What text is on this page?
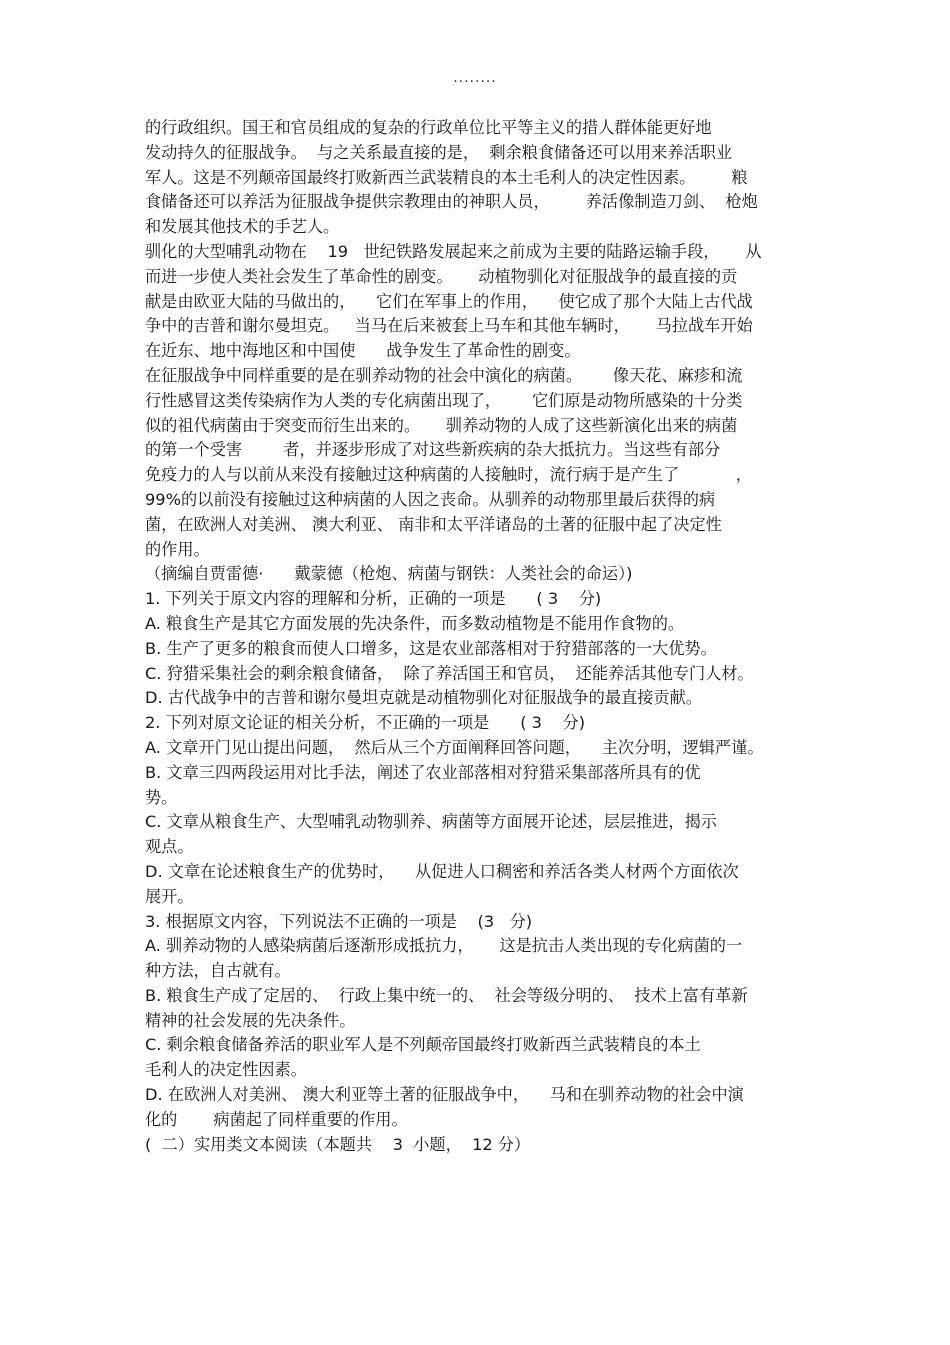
........
的行政组织。国王和官员组成的复杂的行政单位比平等主义的措人群体能更好地
发动持久的征服战争。  与之关系最直接的是，  剩余粮食储备还可以用来养活职业
军人。这是不列颠帝国最终打败新西兰武装精良的本土毛利人的决定性因素。       粮
食储备还可以养活为征服战争提供宗教理由的神职人员，       养活像制造刀剑、  枪炮
和发展其他技术的手艺人。
驯化的大型哺乳动物在    19   世纪铁路发展起来之前成为主要的陆路运输手段，     从
而进一步使人类社会发生了革命性的剧变。     动植物驯化对征服战争的最直接的贡
献是由欧亚大陆的马做出的，    它们在军事上的作用，    使它成了那个大陆上古代战
争中的吉普和谢尔曼坦克。   当马在后来被套上马车和其他车辆时，     马拉战车开始
在近东、地中海地区和中国使      战争发生了革命性的剧变。
在征服战争中同样重要的是在驯养动物的社会中演化的病菌。      像天花、麻疹和流
行性感冒这类传染病作为人类的专化病菌出现了，      它们原是动物所感染的十分类
似的祖代病菌由于突变而衍生出来的。     驯养动物的人成了这些新演化出来的病菌
的第一个受害        者，并逐步形成了对这些新疾病的杂大抵抗力。当这些有部分
免疫力的人与以前从来没有接触过这种病菌的人接触时，流行病于是产生了           ，
99%的以前没有接触过这种病菌的人因之丧命。从驯养的动物那里最后获得的病
菌，在欧洲人对美洲、 澳大利亚、 南非和太平洋诸岛的土著的征服中起了决定性
的作用。
（摘编自贾雷德·      戴蒙德（枪炮、病菌与钢铁：人类社会的命运）)
1. 下列关于原文内容的理解和分析，正确的一项是      ( 3    分)
A. 粮食生产是其它方面发展的先决条件，而多数动植物是不能用作食物的。
B. 生产了更多的粮食而使人口增多，这是农业部落相对于狩猎部落的一大优势。
C. 狩猎采集社会的剩余粮食储备，  除了养活国王和官员，  还能养活其他专门人材。
D. 古代战争中的吉普和谢尔曼坦克就是动植物驯化对征服战争的最直接贡献。
2. 下列对原文论证的相关分析，不正确的一项是      ( 3    分)
A. 文章开门见山提出问题，  然后从三个方面阐释回答问题，    主次分明，逻辑严谨。
B. 文章三四两段运用对比手法，阐述了农业部落相对狩猎采集部落所具有的优
势。
C. 文章从粮食生产、大型哺乳动物驯养、病菌等方面展开论述，层层推进，揭示
观点。
D. 文章在论述粮食生产的优势时，    从促进人口稠密和养活各类人材两个方面依次
展开。
3. 根据原文内容，下列说法不正确的一项是    (3   分)
A. 驯养动物的人感染病菌后逐渐形成抵抗力，     这是抗击人类出现的专化病菌的一
种方法，自古就有。
B. 粮食生产成了定居的、  行政上集中统一的、  社会等级分明的、  技术上富有革新
精神的社会发展的先决条件。
C. 剩余粮食储备养活的职业军人是不列颠帝国最终打败新西兰武装精良的本土
毛利人的决定性因素。
D. 在欧洲人对美洲、 澳大利亚等土著的征服战争中，    马和在驯养动物的社会中演
化的       病菌起了同样重要的作用。
(  二）实用类文本阅读（本题共    3  小题，  12 分）
